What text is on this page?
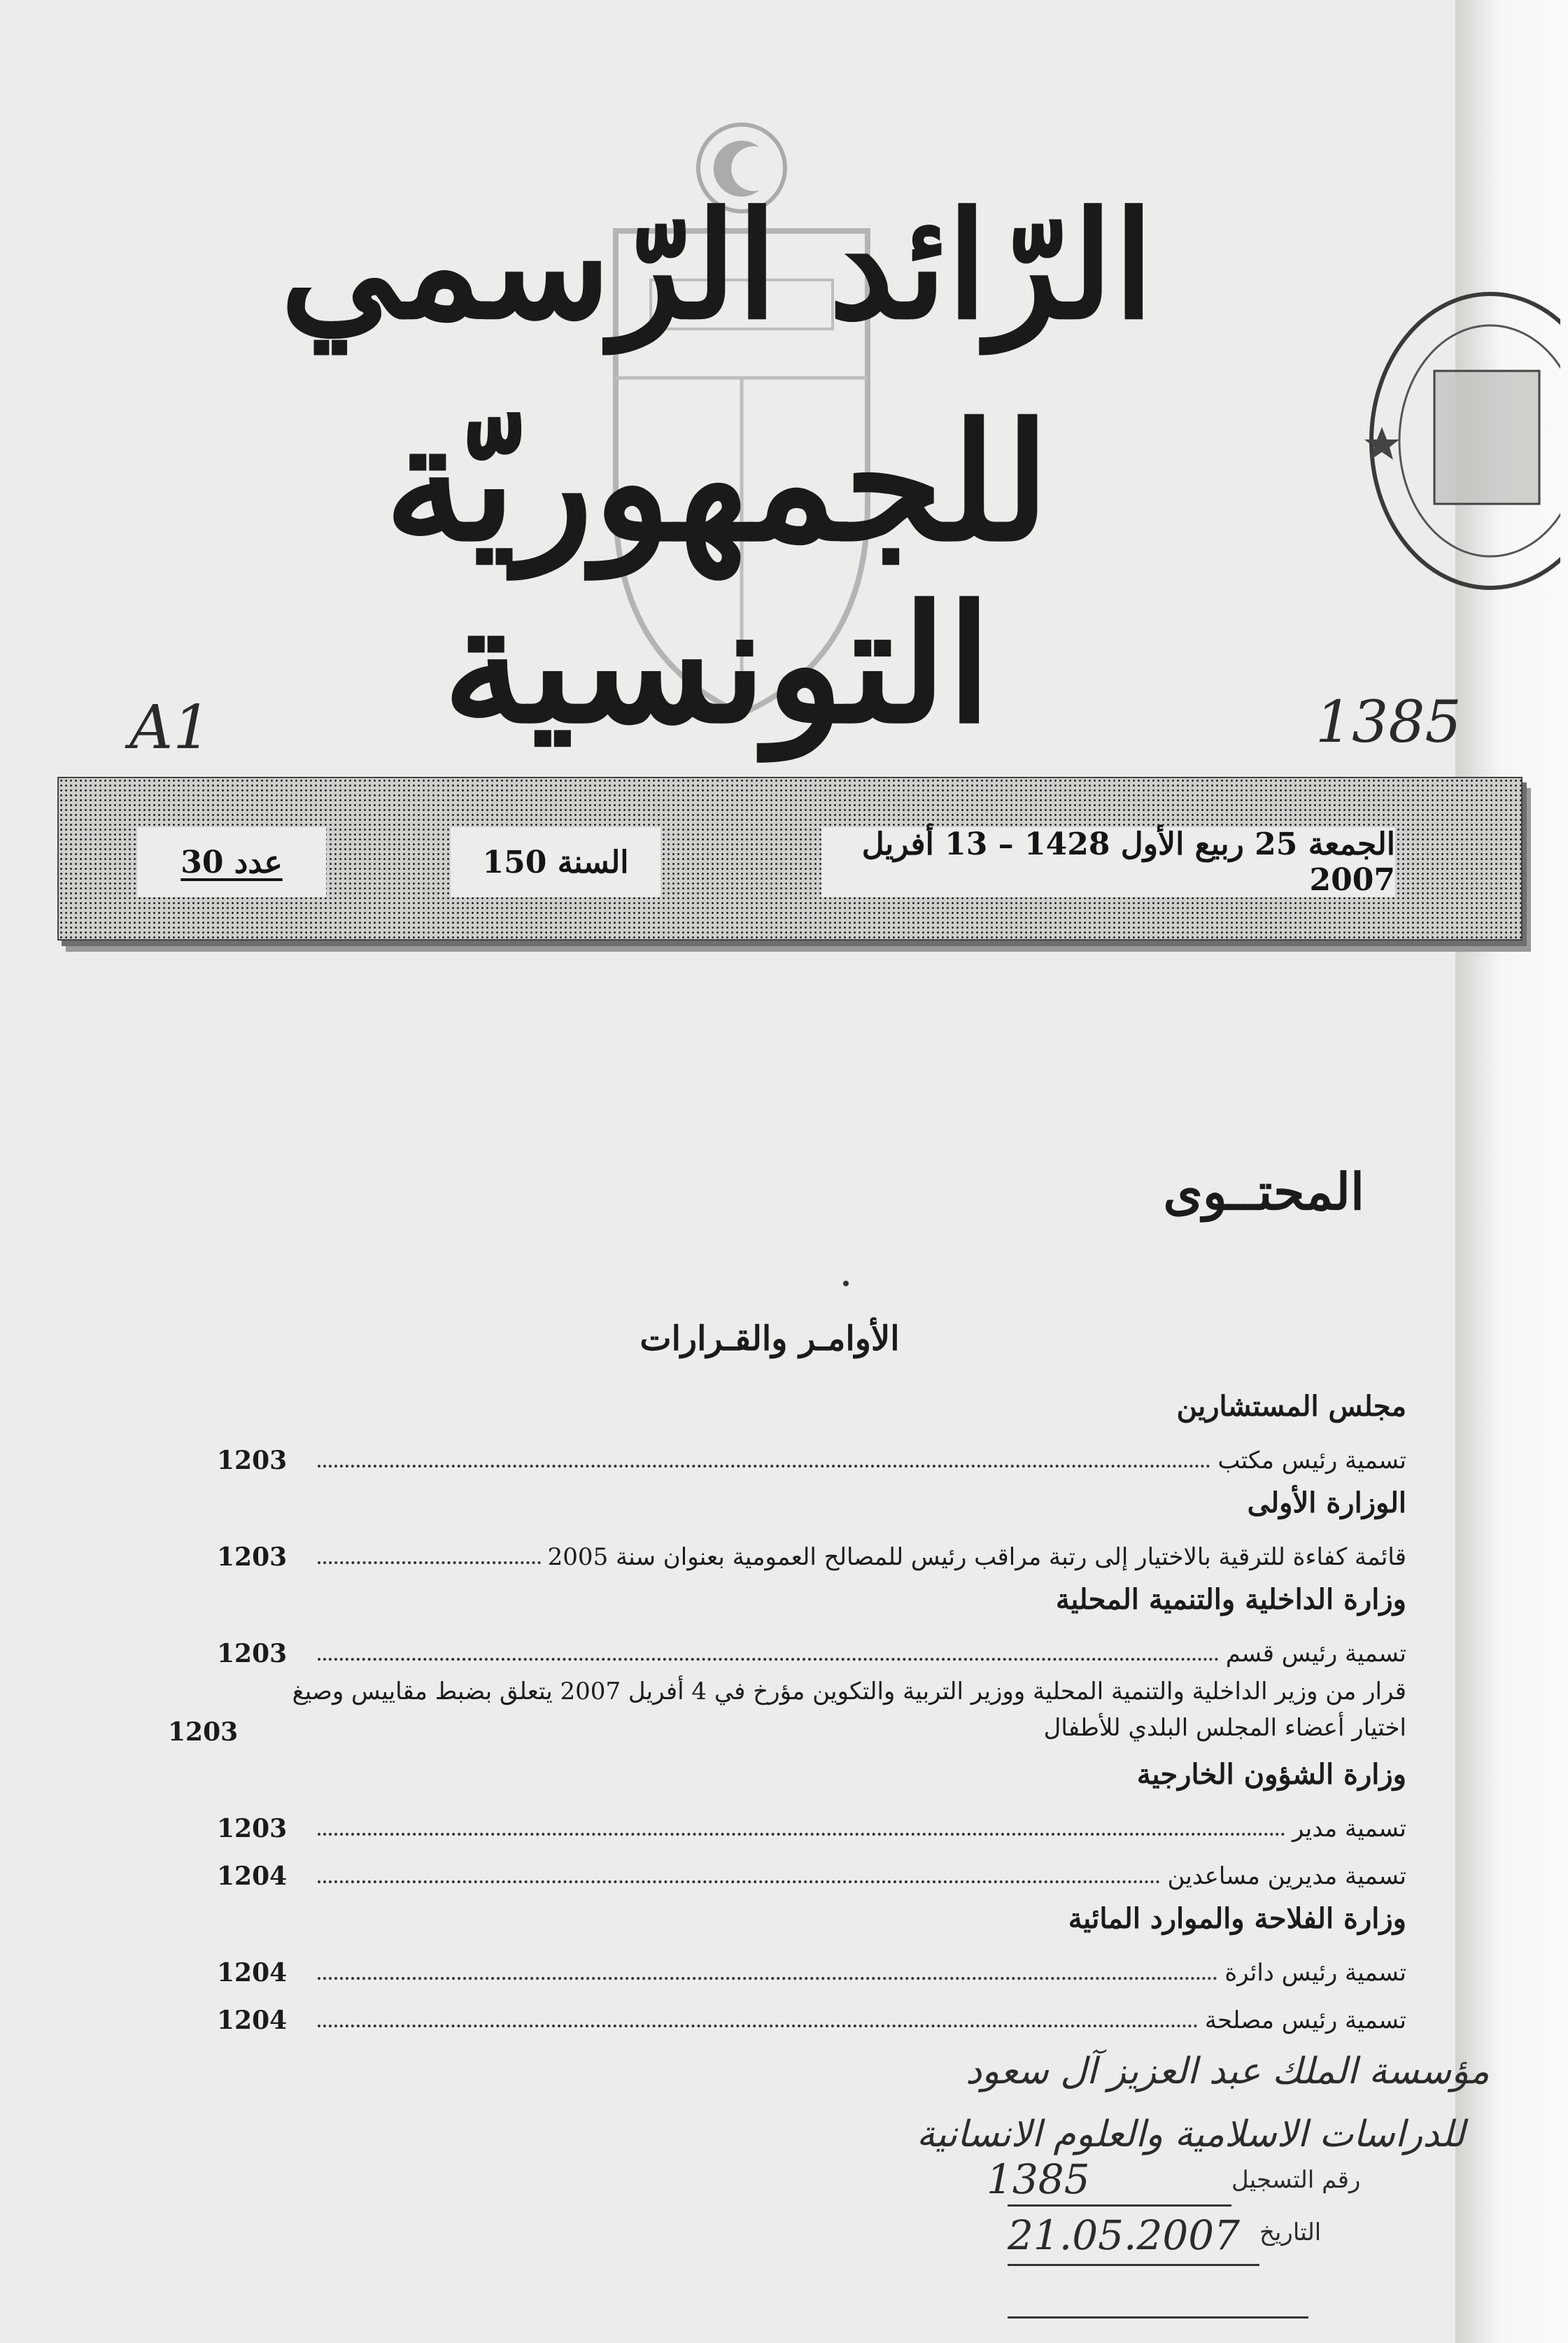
الرّائد الرّسمي
للجمهوريّة التونسية
A1	1385
الجمعة 25 ربيع الأول 1428 – 13 أفريل 2007
السنة 150
عدد 30
المحتــوى
الأوامـر والقـرارات
مجلس المستشارين
تسمية رئيس مكتب
1203
الوزارة الأولى
قائمة كفاءة للترقية بالاختيار إلى رتبة مراقب رئيس للمصالح العمومية بعنوان سنة 2005
1203
وزارة الداخلية والتنمية المحلية
تسمية رئيس قسم
1203
قرار من وزير الداخلية والتنمية المحلية ووزير التربية والتكوين مؤرخ في 4 أفريل 2007 يتعلق بضبط مقاييس وصيغ اختيار أعضاء المجلس البلدي للأطفال
1203
وزارة الشؤون الخارجية
تسمية مدير
1203
تسمية مديرين مساعدين
1204
وزارة الفلاحة والموارد المائية
تسمية رئيس دائرة
1204
تسمية رئيس مصلحة
1204
مؤسسة الملك عبد العزيز آل سعود
للدراسات الاسلامية والعلوم الانسانية
رقم التسجيل
1385
التاريخ
21.05.2007
